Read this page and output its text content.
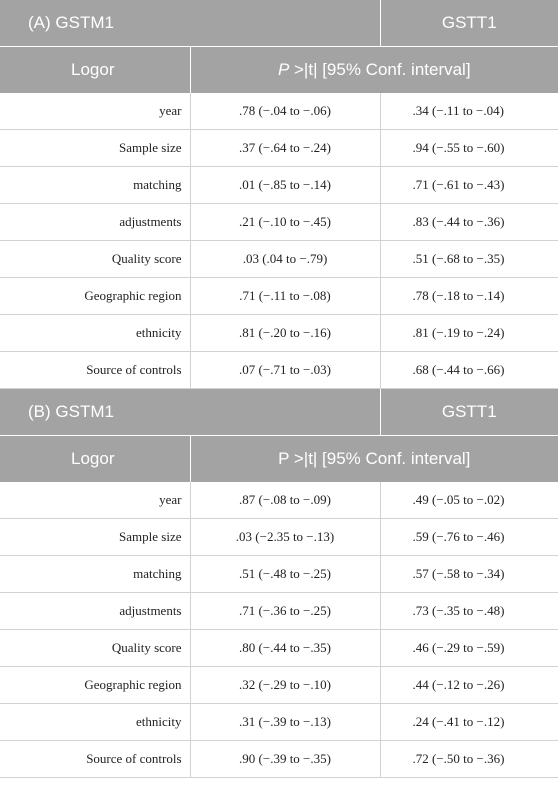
(A) GSTM1		GSTT1
Logor	P >|t| [95% Conf. interval]	
year	.78 (−.04 to −.06)	.34 (−.11 to −.04)
Sample size	.37 (−.64 to −.24)	.94 (−.55 to −.60)
matching	.01 (−.85 to −.14)	.71 (−.61 to −.43)
adjustments	.21 (−.10 to −.45)	.83 (−.44 to −.36)
Quality score	.03 (.04 to −.79)	.51 (−.68 to −.35)
Geographic region	.71 (−.11 to −.08)	.78 (−.18 to −.14)
ethnicity	.81 (−.20 to −.16)	.81 (−.19 to −.24)
Source of controls	.07 (−.71 to −.03)	.68 (−.44 to −.66)
(B) GSTM1		GSTT1
Logor	P >|t| [95% Conf. interval]	
year	.87 (−.08 to −.09)	.49 (−.05 to −.02)
Sample size	.03 (−2.35 to −.13)	.59 (−.76 to −.46)
matching	.51 (−.48 to −.25)	.57 (−.58 to −.34)
adjustments	.71 (−.36 to −.25)	.73 (−.35 to −.48)
Quality score	.80 (−.44 to −.35)	.46 (−.29 to −.59)
Geographic region	.32 (−.29 to −.10)	.44 (−.12 to −.26)
ethnicity	.31 (−.39 to −.13)	.24 (−.41 to −.12)
Source of controls	.90 (−.39 to −.35)	.72 (−.50 to −.36)
